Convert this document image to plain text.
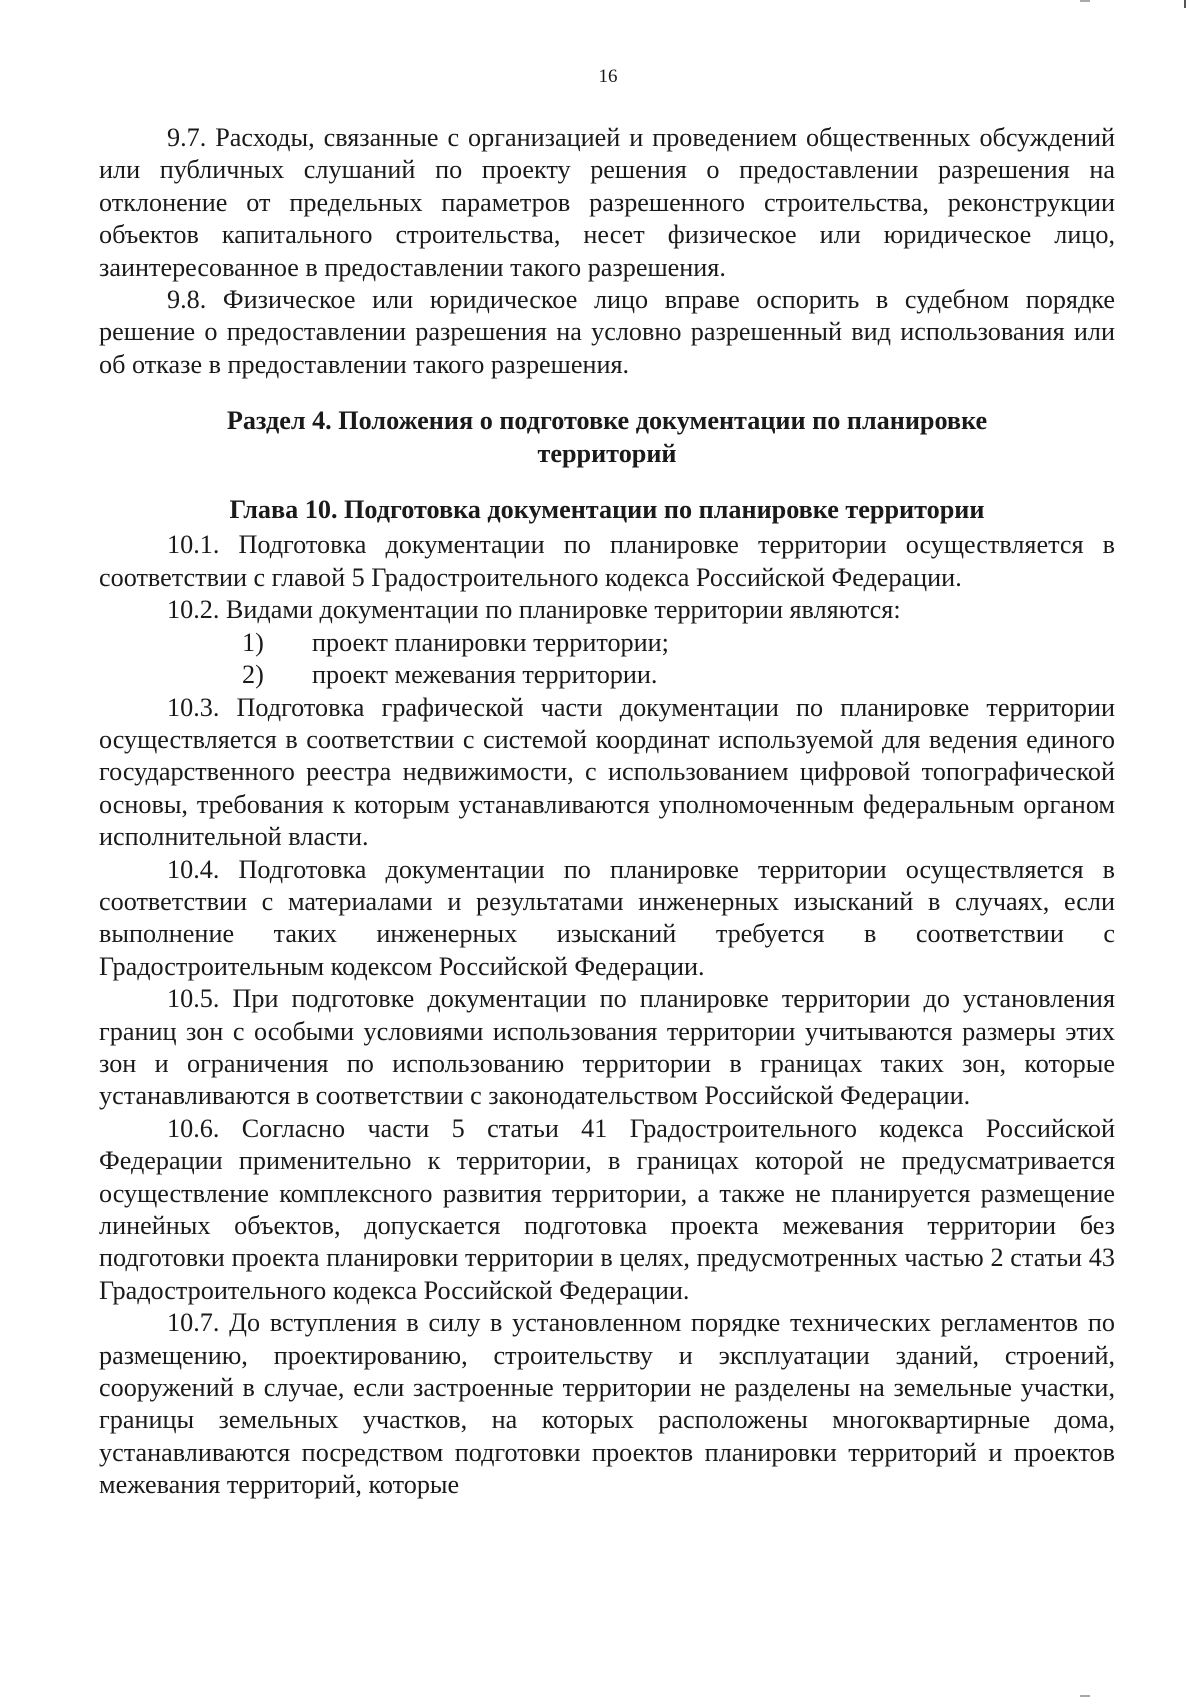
16

9.7. Расходы, связанные с организацией и проведением общественных обсуждений или публичных слушаний по проекту решения о предоставлении разрешения на отклонение от предельных параметров разрешенного строительства, реконструкции объектов капитального строительства, несет физическое или юридическое лицо, заинтересованное в предоставлении такого разрешения.

9.8. Физическое или юридическое лицо вправе оспорить в судебном порядке решение о предоставлении разрешения на условно разрешенный вид использования или об отказе в предоставлении такого разрешения.

Раздел 4. Положения о подготовке документации по планировке территорий

Глава 10. Подготовка документации по планировке территории

10.1. Подготовка документации по планировке территории осуществляется в соответствии с главой 5 Градостроительного кодекса Российской Федерации.

10.2. Видами документации по планировке территории являются:

1) проект планировки территории;

2) проект межевания территории.

10.3. Подготовка графической части документации по планировке территории осуществляется в соответствии с системой координат используемой для ведения единого государственного реестра недвижимости, с использованием цифровой топографической основы, требования к которым устанавливаются уполномоченным федеральным органом исполнительной власти.

10.4. Подготовка документации по планировке территории осуществляется в соответствии с материалами и результатами инженерных изысканий в случаях, если выполнение таких инженерных изысканий требуется в соответствии с Градостроительным кодексом Российской Федерации.

10.5. При подготовке документации по планировке территории до установления границ зон с особыми условиями использования территории учитываются размеры этих зон и ограничения по использованию территории в границах таких зон, которые устанавливаются в соответствии с законодательством Российской Федерации.

10.6. Согласно части 5 статьи 41 Градостроительного кодекса Российской Федерации применительно к территории, в границах которой не предусматривается осуществление комплексного развития территории, а также не планируется размещение линейных объектов, допускается подготовка проекта межевания территории без подготовки проекта планировки территории в целях, предусмотренных частью 2 статьи 43 Градостроительного кодекса Российской Федерации.

10.7. До вступления в силу в установленном порядке технических регламентов по размещению, проектированию, строительству и эксплуатации зданий, строений, сооружений в случае, если застроенные территории не разделены на земельные участки, границы земельных участков, на которых расположены многоквартирные дома, устанавливаются посредством подготовки проектов планировки территорий и проектов межевания территорий, которые
